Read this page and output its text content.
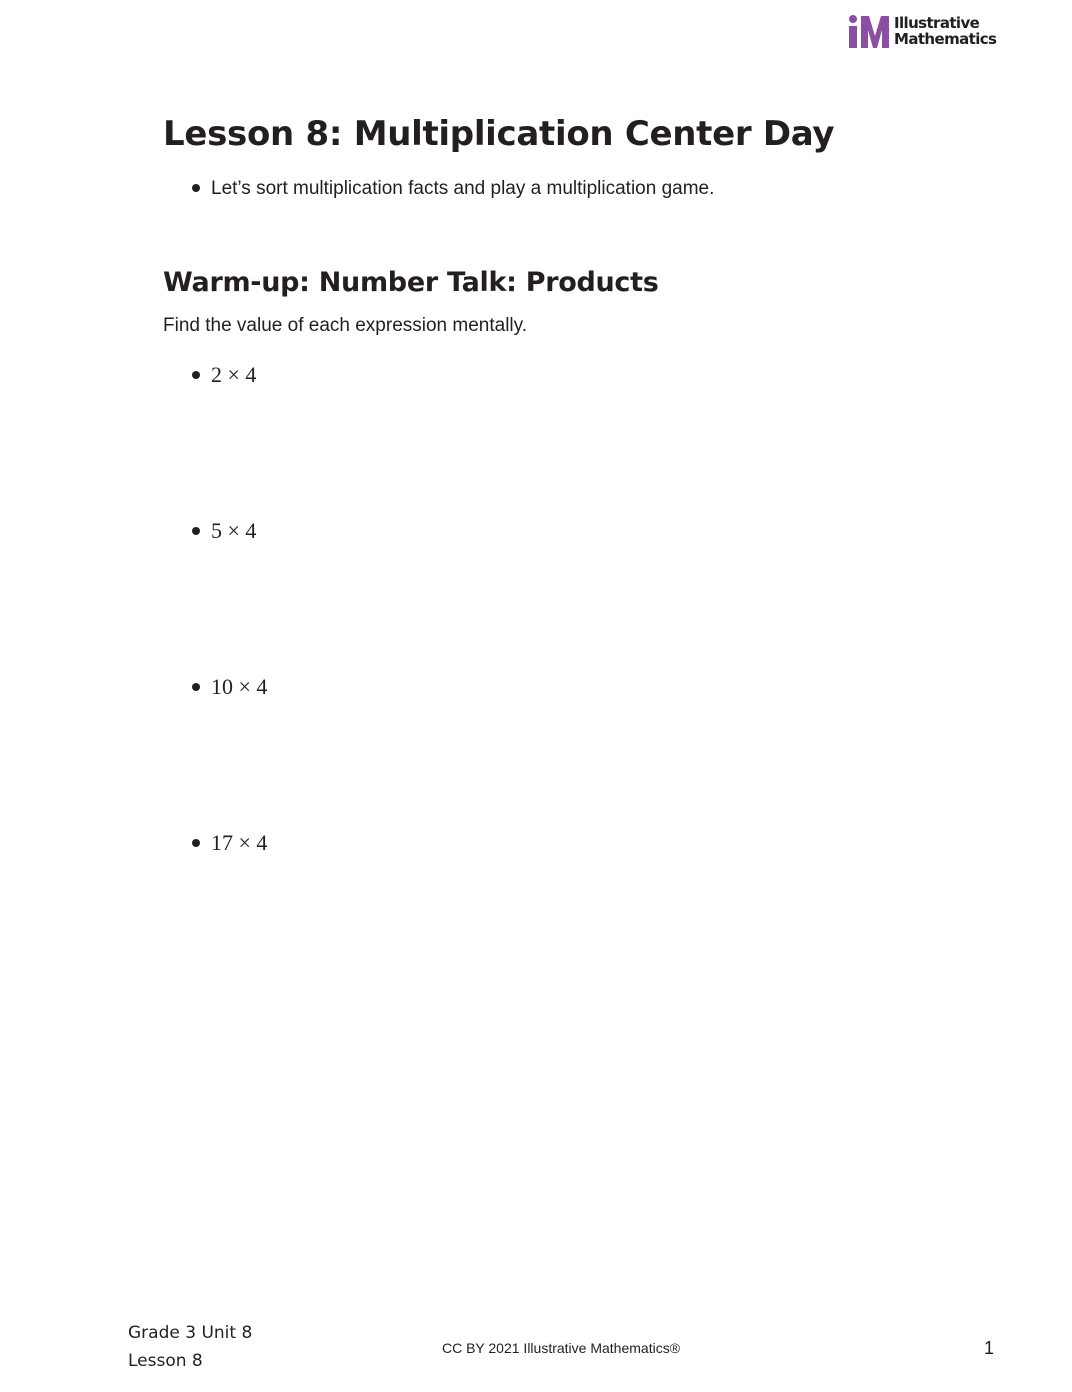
Illustrative
Mathematics
Lesson 8: Multiplication Center Day
Let’s sort multiplication facts and play a multiplication game.
Warm-up: Number Talk: Products

Find the value of each expression mentally.

2 × 4
5 × 4
10 × 4
17 × 4
Grade 3 Unit 8
Lesson 8
CC BY 2021 Illustrative Mathematics®	1
